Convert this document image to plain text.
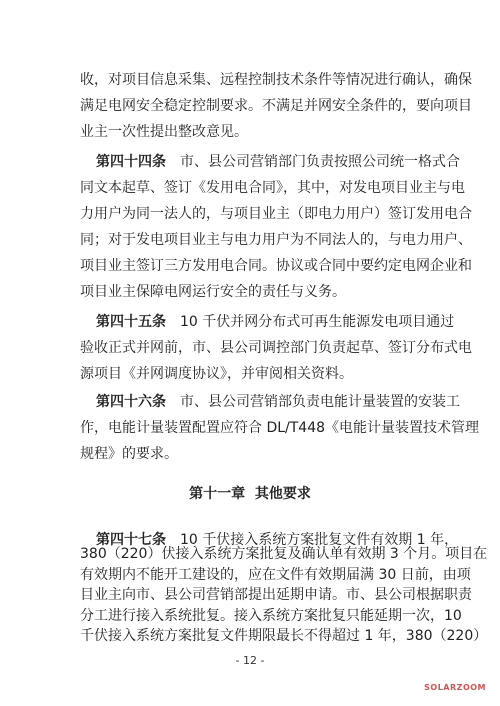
收，对项目信息采集、远程控制技术条件等情况进行确认，确保
满足电网安全稳定控制要求。不满足并网安全条件的，要向项目
业主一次性提出整改意见。
第四十四条 市、县公司营销部门负责按照公司统一格式合
同文本起草、签订《发用电合同》，其中，对发电项目业主与电
力用户为同一法人的，与项目业主（即电力用户）签订发用电合
同；对于发电项目业主与电力用户为不同法人的，与电力用户、
项目业主签订三方发用电合同。协议或合同中要约定电网企业和
项目业主保障电网运行安全的责任与义务。
第四十五条 10 千伏并网分布式可再生能源发电项目通过
验收正式并网前，市、县公司调控部门负责起草、签订分布式电
源项目《并网调度协议》，并审阅相关资料。
第四十六条 市、县公司营销部负责电能计量装置的安装工
作，电能计量装置配置应符合 DL/T448《电能计量装置技术管理
规程》的要求。
第十一章  其他要求
第四十七条 10 千伏接入系统方案批复文件有效期 1 年，
380（220）伏接入系统方案批复及确认单有效期 3 个月。项目在
有效期内不能开工建设的，应在文件有效期届满 30 日前，由项
目业主向市、县公司营销部提出延期申请。市、县公司根据职责
分工进行接入系统批复。接入系统方案批复只能延期一次，10
- 12 -
SOLARZOOM
千伏接入系统方案批复文件期限最长不得超过 1 年，380（220）
